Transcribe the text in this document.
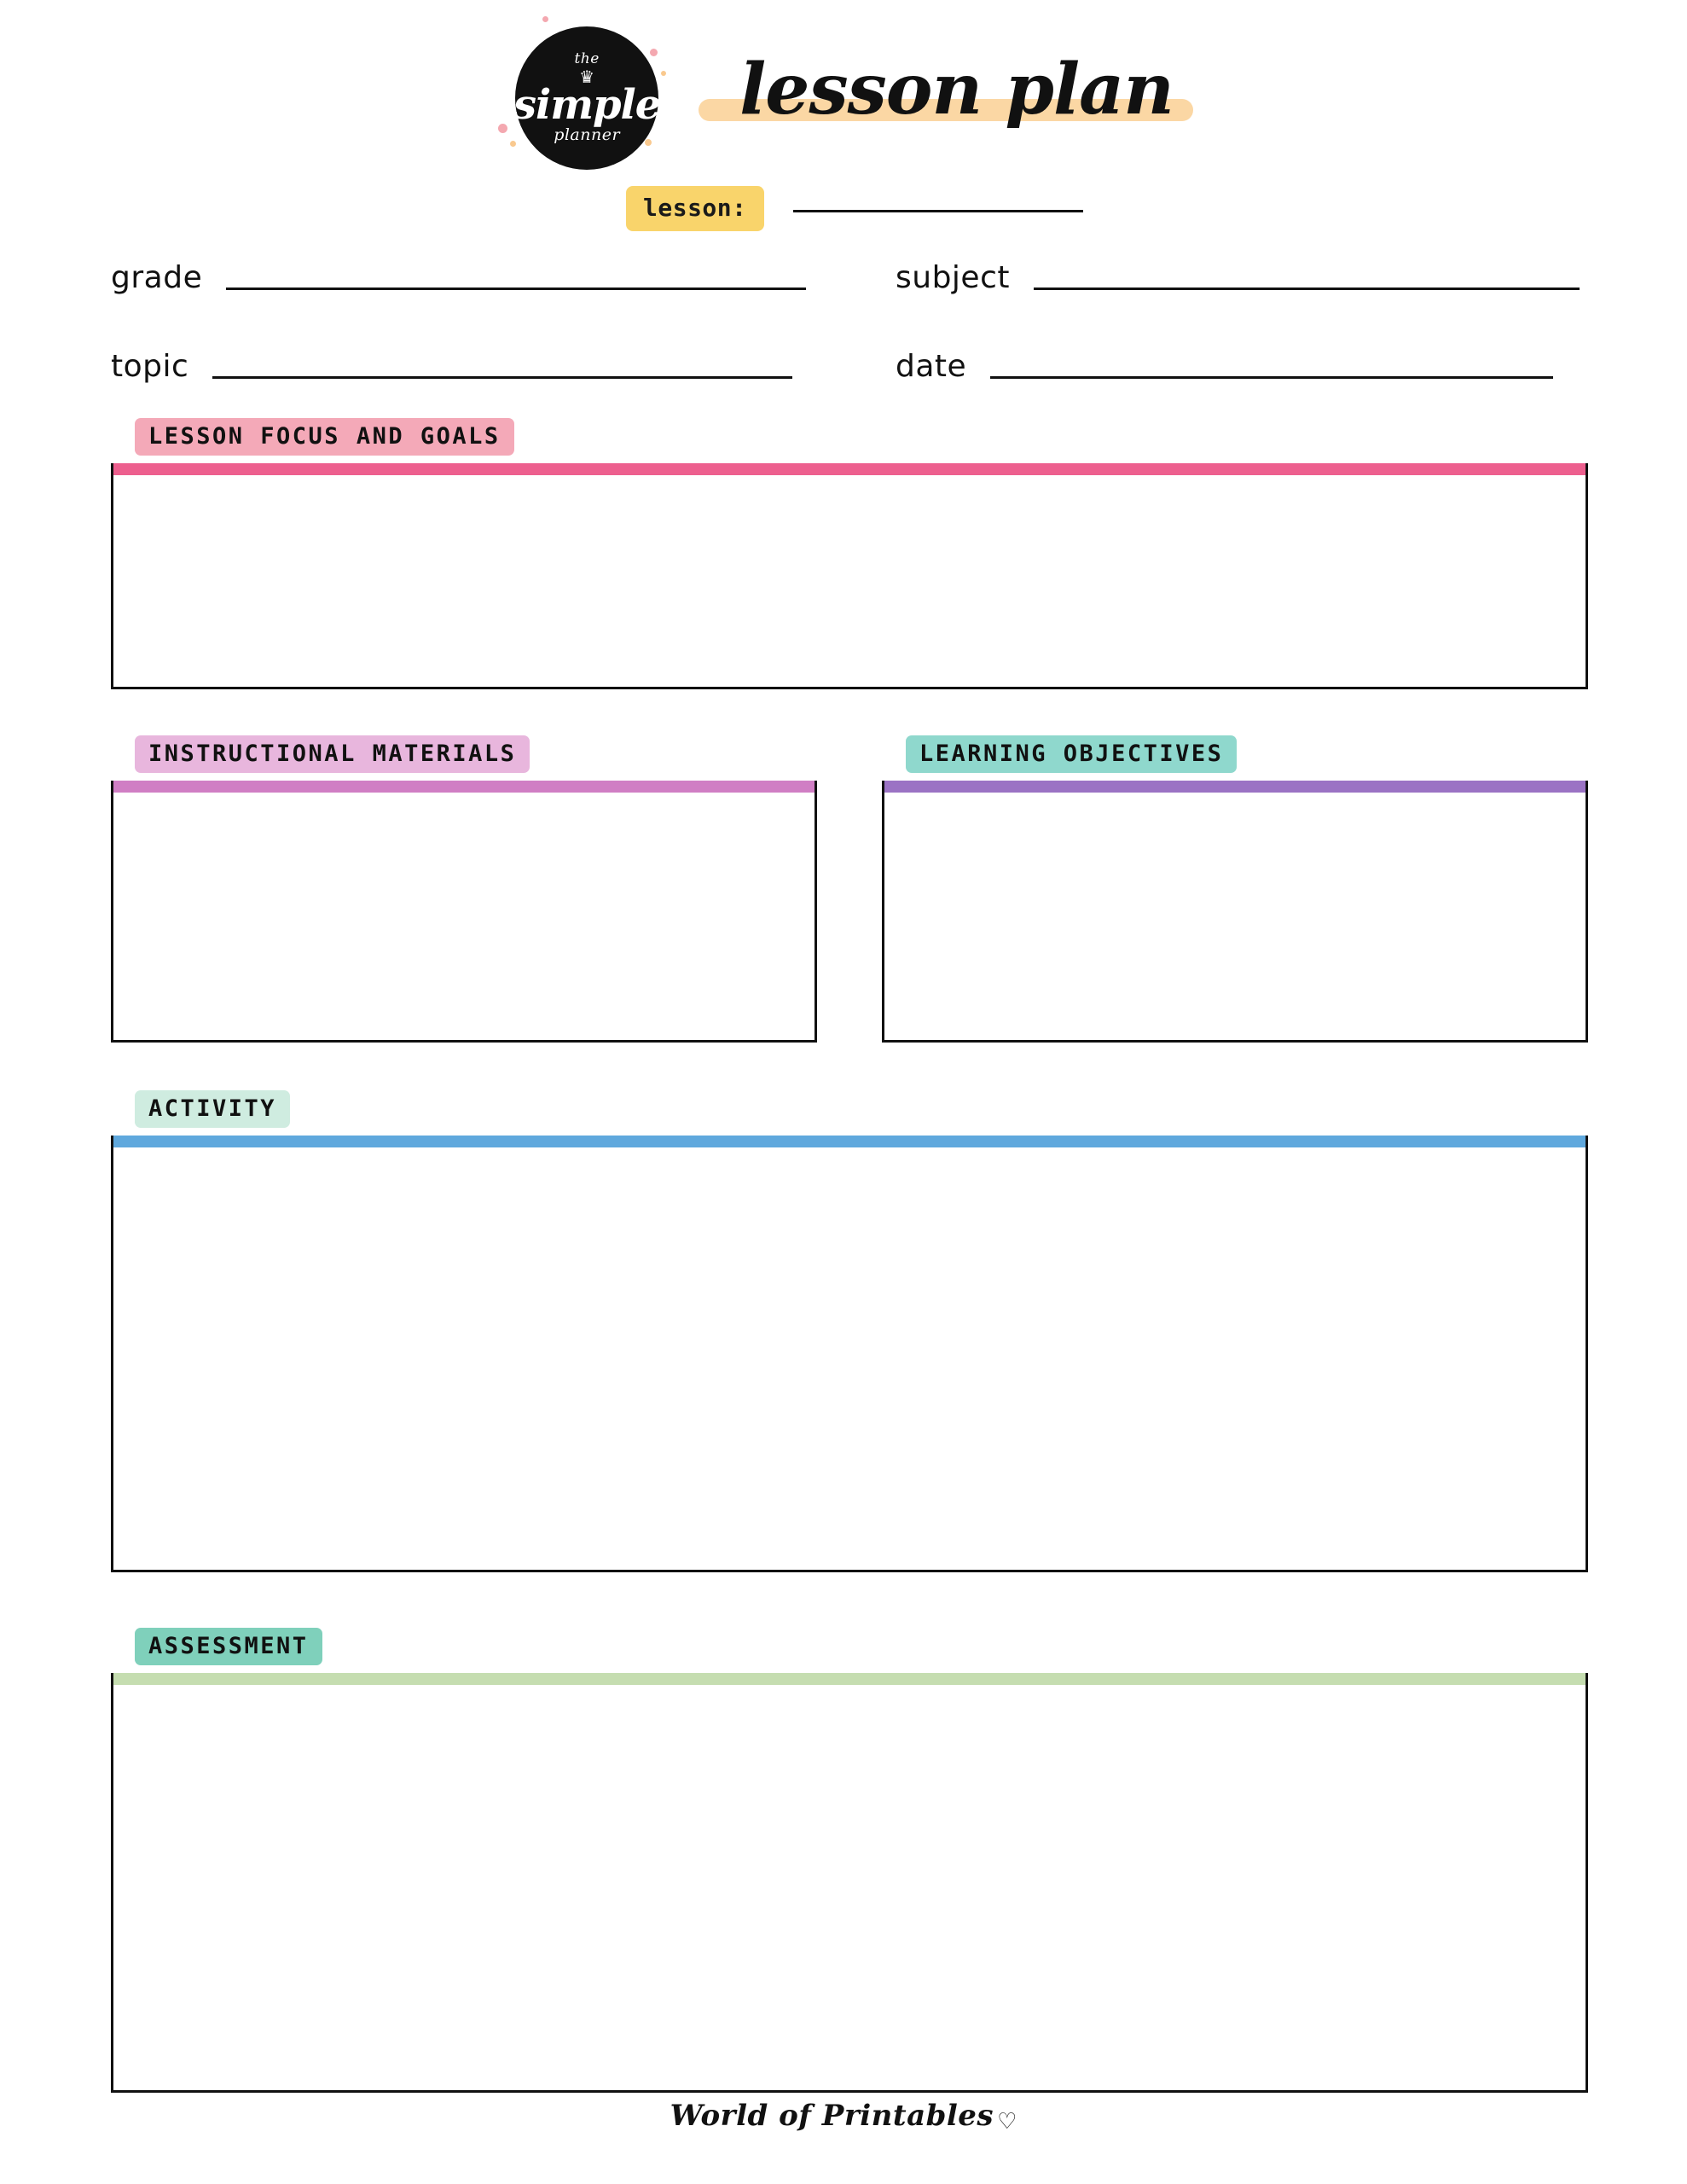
the
♛
simple
planner
lesson plan
lesson:
grade	subject
topic	date
LESSON FOCUS AND GOALS
INSTRUCTIONAL MATERIALS	LEARNING OBJECTIVES
ACTIVITY
ASSESSMENT
World of Printables ♡
